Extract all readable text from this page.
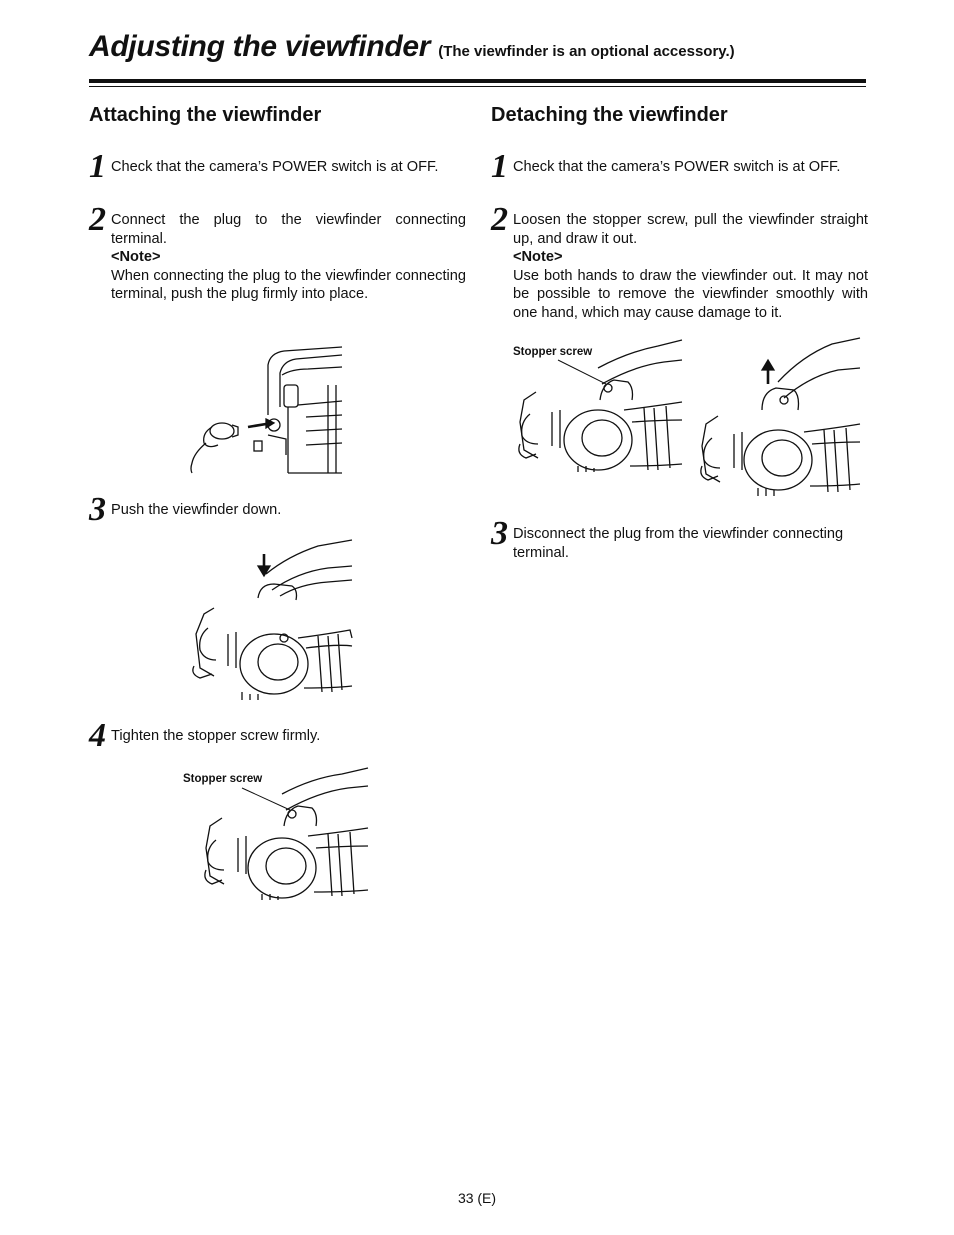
Adjusting the viewfinder (The viewfinder is an optional accessory.)
Attaching the viewfinder
1 Check that the camera’s POWER switch is at OFF.

2 Connect the plug to the viewfinder connecting terminal.

<Note>

When connecting the plug to the viewfinder connecting terminal, push the plug firmly into place.

3 Push the viewfinder down.

4 Tighten the stopper screw firmly.

Stopper screw
Detaching the viewfinder
1 Check that the camera’s POWER switch is at OFF.

2 Loosen the stopper screw, pull the viewfinder straight up, and draw it out.

<Note>

Use both hands to draw the viewfinder out. It may not be possible to remove the viewfinder smoothly with one hand, which may cause damage to it.

Stopper screw
3 Disconnect the plug from the viewfinder connecting terminal.

33 (E)
